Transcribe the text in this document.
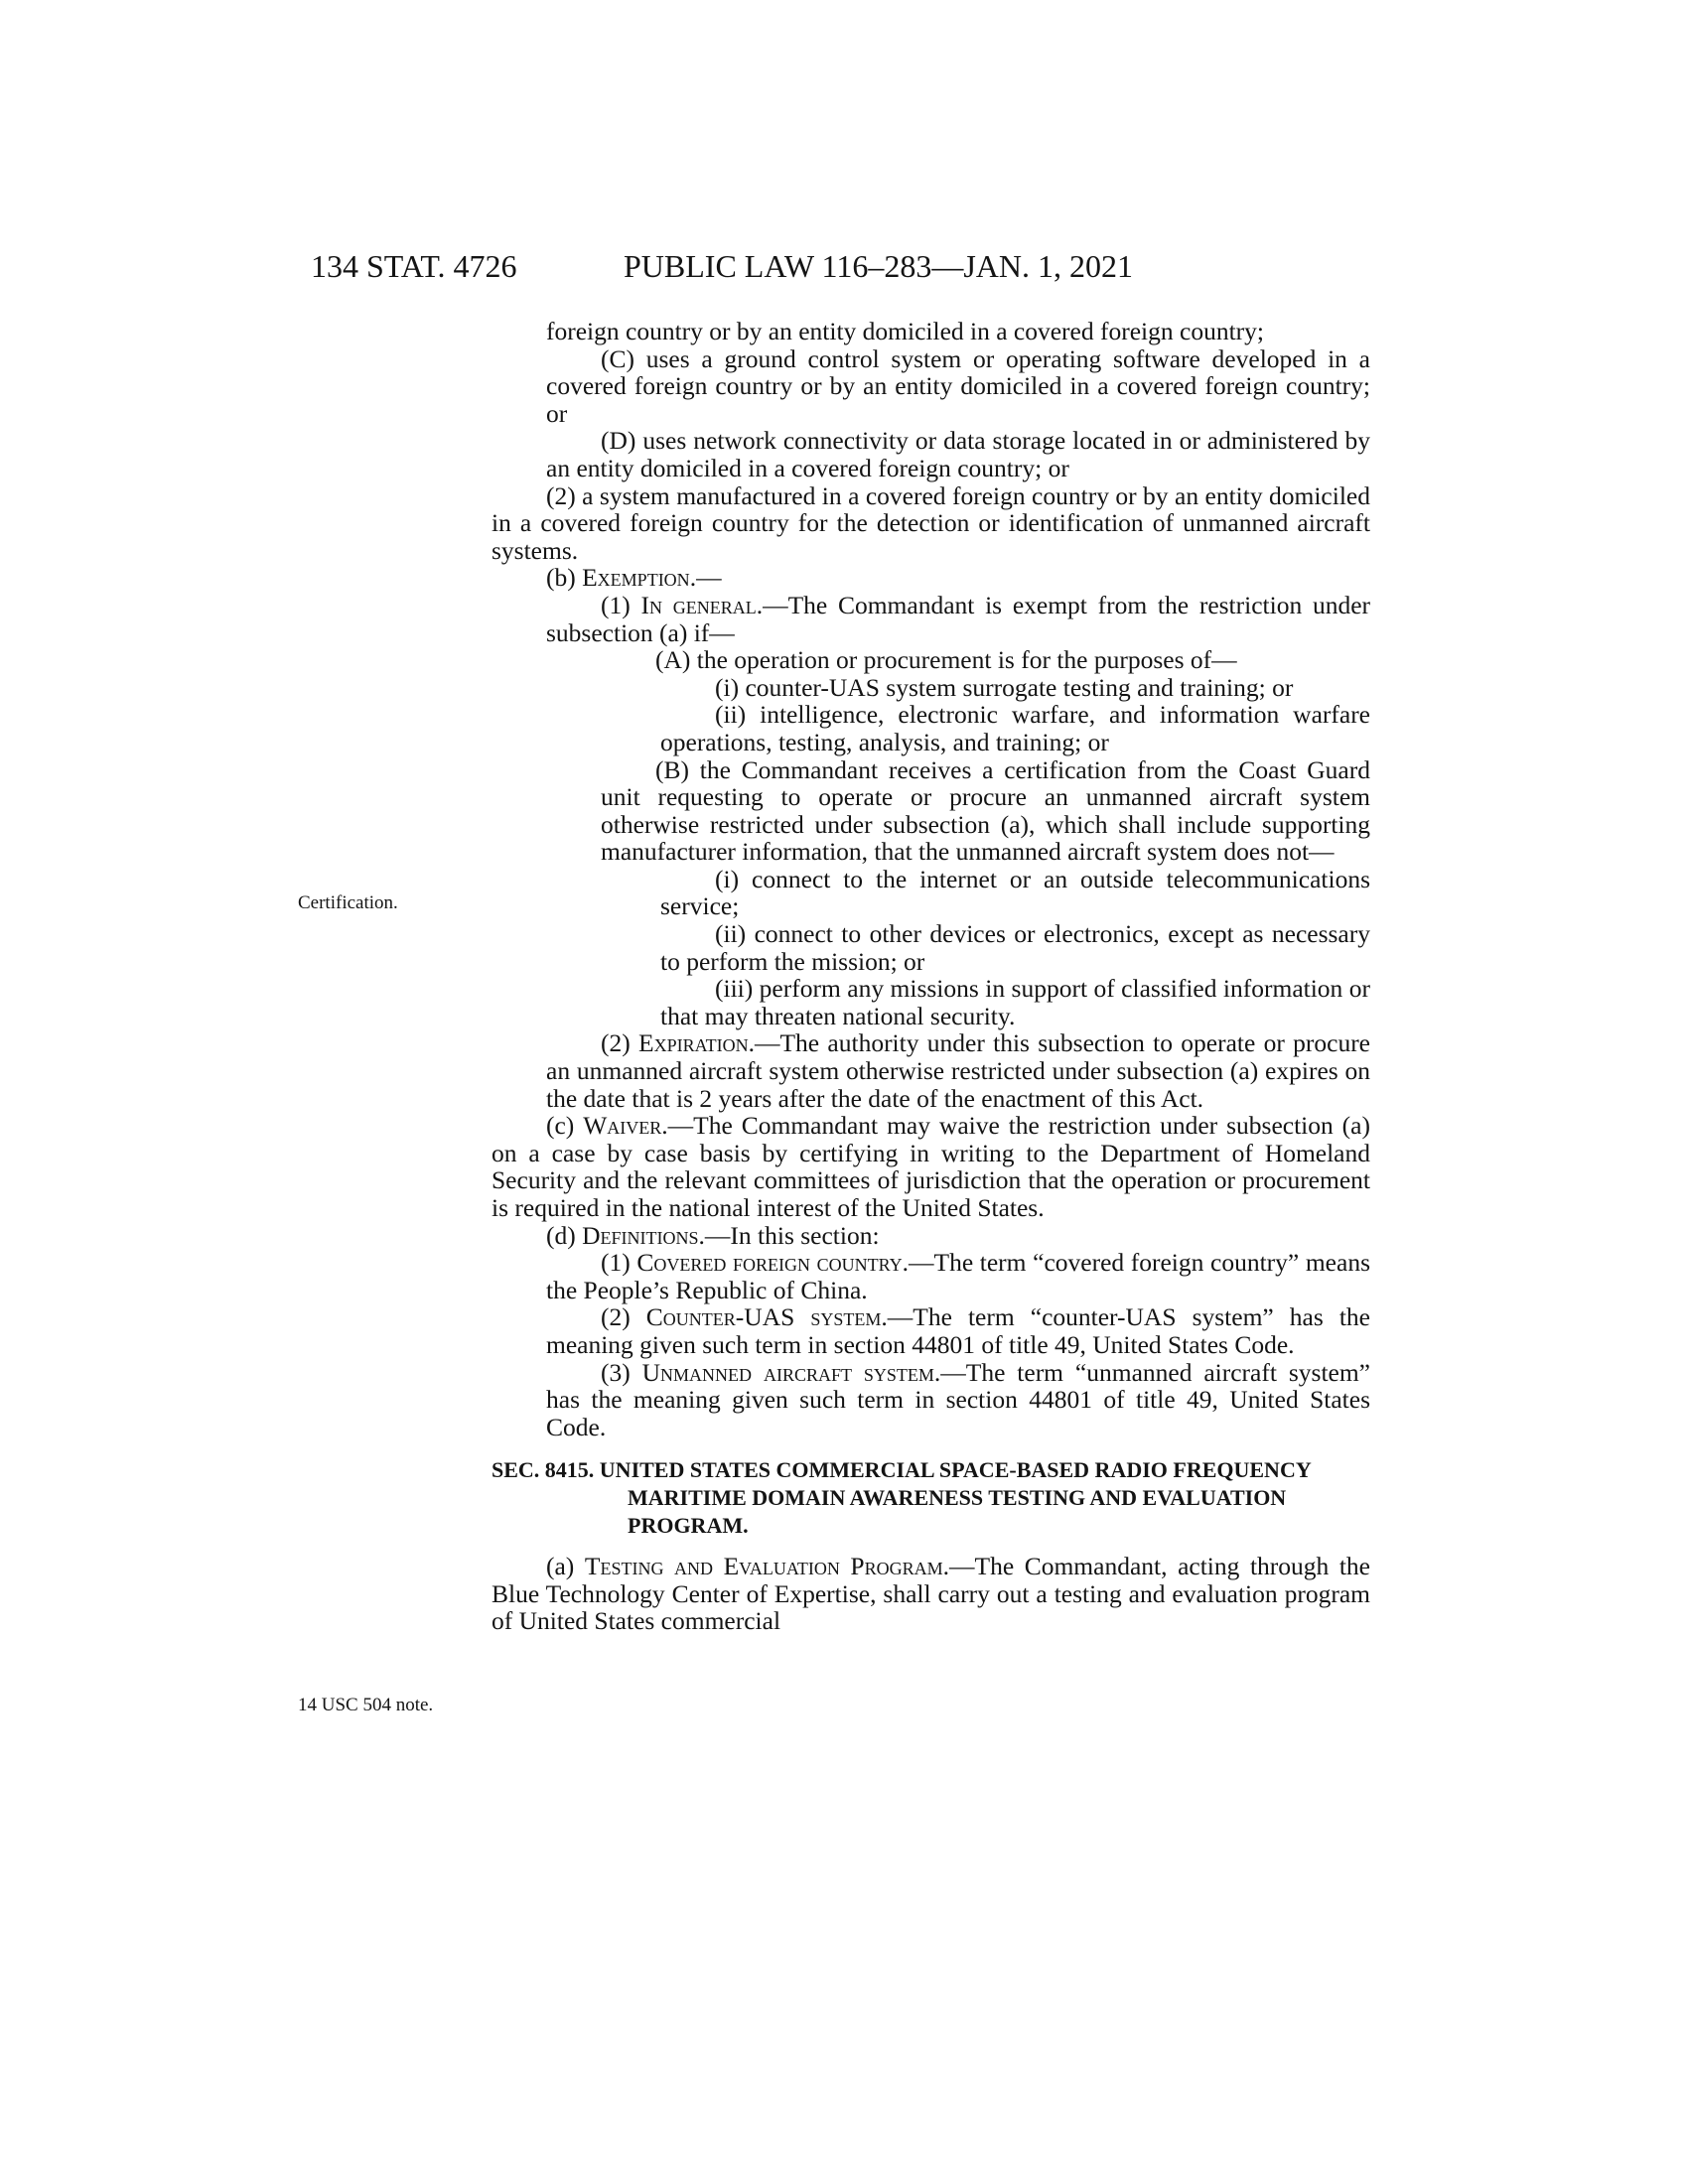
134 STAT. 4726	PUBLIC LAW 116–283—JAN. 1, 2021
Certification.
14 USC 504 note.

foreign country or by an entity domiciled in a covered foreign country;

(C) uses a ground control system or operating software developed in a covered foreign country or by an entity domiciled in a covered foreign country; or

(D) uses network connectivity or data storage located in or administered by an entity domiciled in a covered foreign country; or

(2) a system manufactured in a covered foreign country or by an entity domiciled in a covered foreign country for the detection or identification of unmanned aircraft systems.

(b) Exemption.—

(1) In general.—The Commandant is exempt from the restriction under subsection (a) if—

(A) the operation or procurement is for the purposes of—

(i) counter-UAS system surrogate testing and training; or

(ii) intelligence, electronic warfare, and information warfare operations, testing, analysis, and training; or

(B) the Commandant receives a certification from the Coast Guard unit requesting to operate or procure an unmanned aircraft system otherwise restricted under subsection (a), which shall include supporting manufacturer information, that the unmanned aircraft system does not—

(i) connect to the internet or an outside telecommunications service;

(ii) connect to other devices or electronics, except as necessary to perform the mission; or

(iii) perform any missions in support of classified information or that may threaten national security.

(2) Expiration.—The authority under this subsection to operate or procure an unmanned aircraft system otherwise restricted under subsection (a) expires on the date that is 2 years after the date of the enactment of this Act.

(c) Waiver.—The Commandant may waive the restriction under subsection (a) on a case by case basis by certifying in writing to the Department of Homeland Security and the relevant committees of jurisdiction that the operation or procurement is required in the national interest of the United States.

(d) Definitions.—In this section:

(1) Covered foreign country.—The term “covered foreign country” means the People’s Republic of China.

(2) Counter-UAS system.—The term “counter-UAS system” has the meaning given such term in section 44801 of title 49, United States Code.

(3) Unmanned aircraft system.—The term “unmanned aircraft system” has the meaning given such term in section 44801 of title 49, United States Code.

SEC. 8415. UNITED STATES COMMERCIAL SPACE-BASED RADIO FREQUENCY MARITIME DOMAIN AWARENESS TESTING AND EVALUATION PROGRAM.

(a) Testing and Evaluation Program.—The Commandant, acting through the Blue Technology Center of Expertise, shall carry out a testing and evaluation program of United States commercial
